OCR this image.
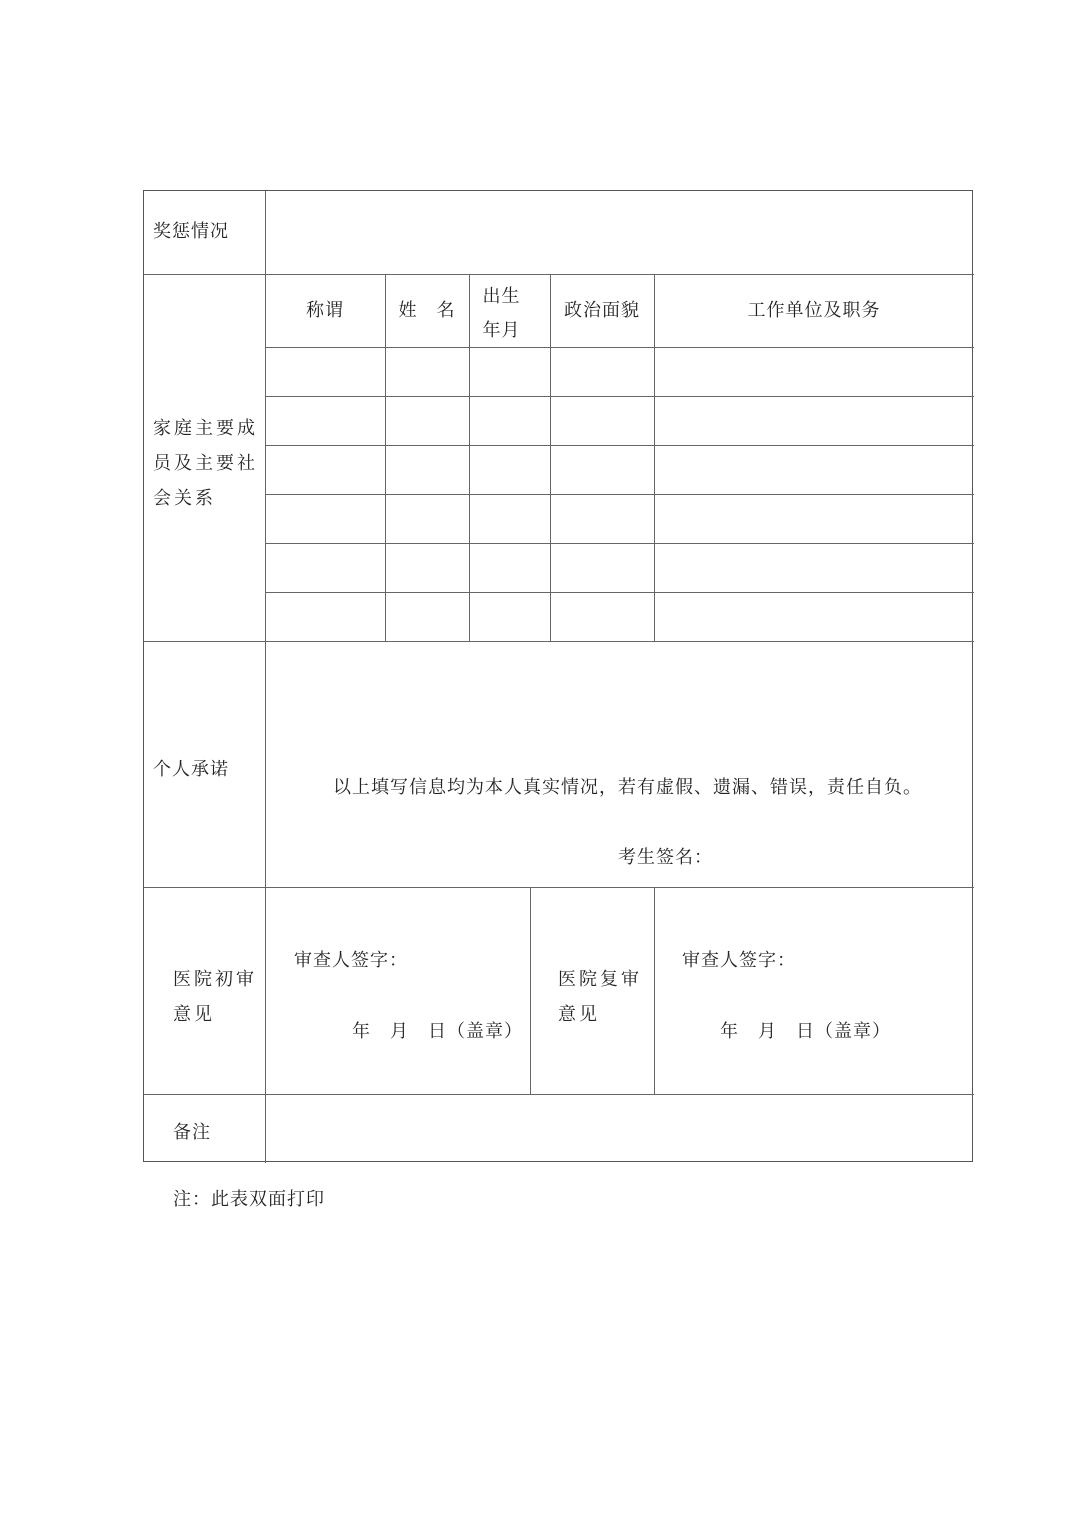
奖惩情况
家庭主要成员及主要社会关系
称谓	姓　名
出生
年月
政治面貌	工作单位及职务
个人承诺
以上填写信息均为本人真实情况，若有虚假、遗漏、错误，责任自负。
考生签名：
医院初审意见
审查人签字：
年　月　日（盖章）
医院复审意见
审查人签字：
年　月　日（盖章）
备注
注：此表双面打印
